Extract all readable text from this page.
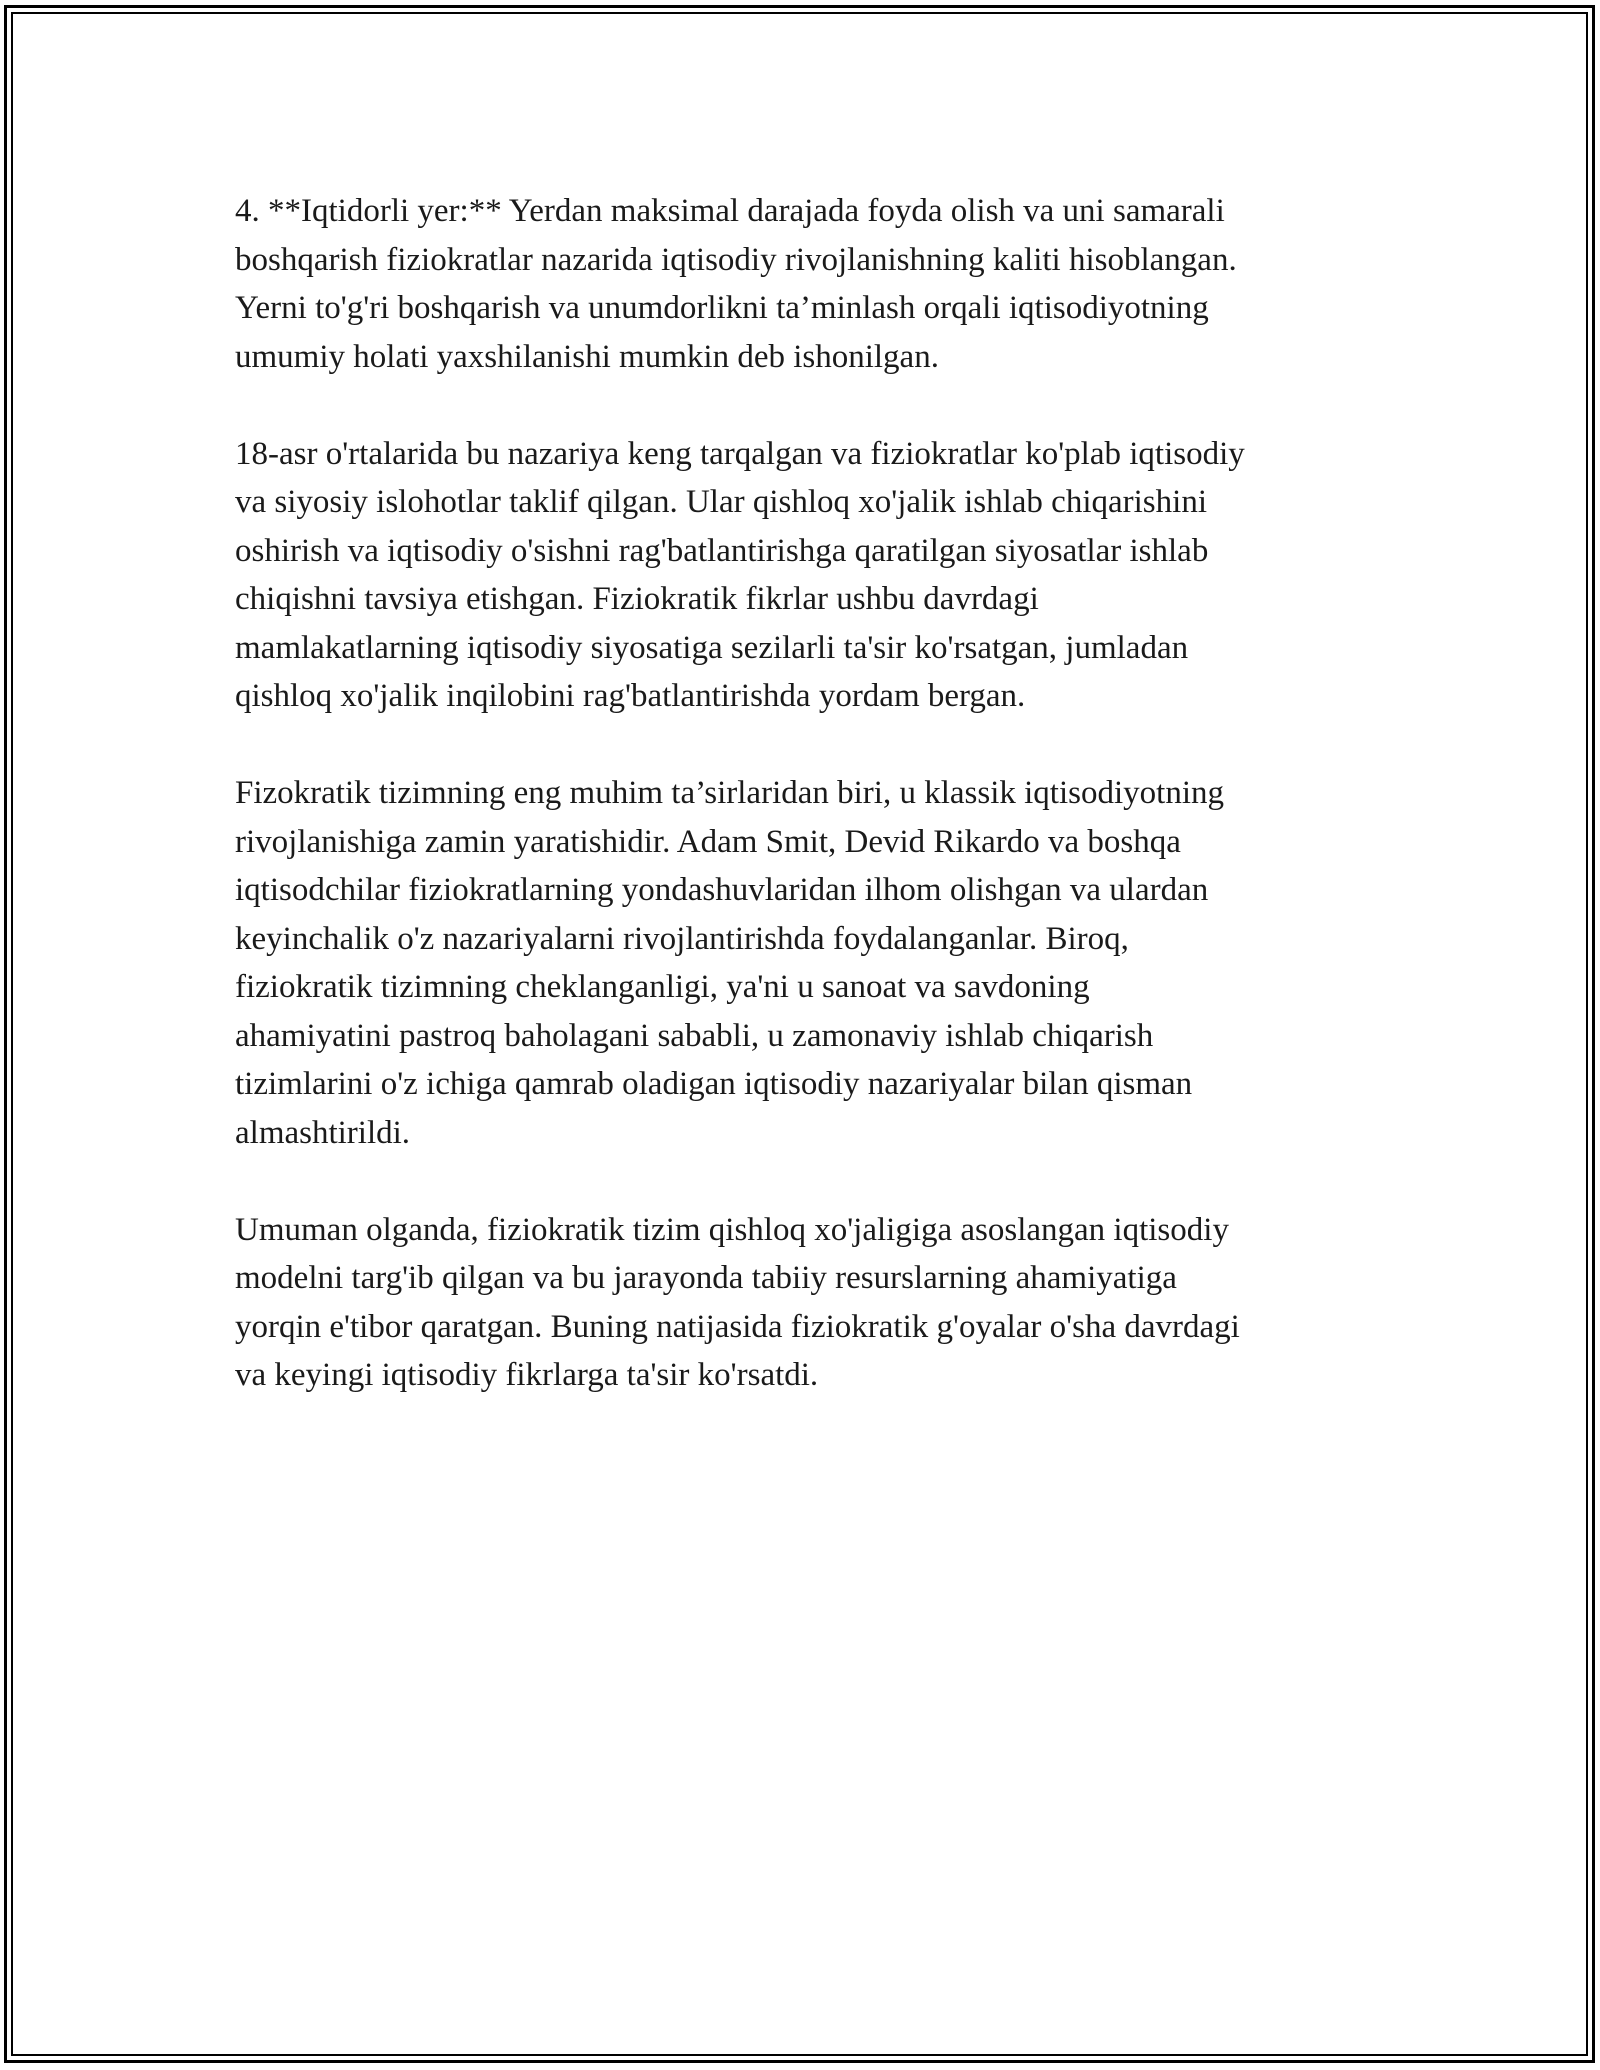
4. **Iqtidorli yer:** Yerdan maksimal darajada foyda olish va uni samarali
boshqarish fiziokratlar nazarida iqtisodiy rivojlanishning kaliti hisoblangan.
Yerni to'g'ri boshqarish va unumdorlikni ta’minlash orqali iqtisodiyotning
umumiy holati yaxshilanishi mumkin deb ishonilgan.

18-asr o'rtalarida bu nazariya keng tarqalgan va fiziokratlar ko'plab iqtisodiy
va siyosiy islohotlar taklif qilgan. Ular qishloq xo'jalik ishlab chiqarishini
oshirish va iqtisodiy o'sishni rag'batlantirishga qaratilgan siyosatlar ishlab
chiqishni tavsiya etishgan. Fiziokratik fikrlar ushbu davrdagi
mamlakatlarning iqtisodiy siyosatiga sezilarli ta'sir ko'rsatgan, jumladan
qishloq xo'jalik inqilobini rag'batlantirishda yordam bergan.

Fizokratik tizimning eng muhim ta’sirlaridan biri, u klassik iqtisodiyotning
rivojlanishiga zamin yaratishidir. Adam Smit, Devid Rikardo va boshqa
iqtisodchilar fiziokratlarning yondashuvlaridan ilhom olishgan va ulardan
keyinchalik o'z nazariyalarni rivojlantirishda foydalanganlar. Biroq,
fiziokratik tizimning cheklanganligi, ya'ni u sanoat va savdoning
ahamiyatini pastroq baholagani sababli, u zamonaviy ishlab chiqarish
tizimlarini o'z ichiga qamrab oladigan iqtisodiy nazariyalar bilan qisman
almashtirildi.

Umuman olganda, fiziokratik tizim qishloq xo'jaligiga asoslangan iqtisodiy
modelni targ'ib qilgan va bu jarayonda tabiiy resurslarning ahamiyatiga
yorqin e'tibor qaratgan. Buning natijasida fiziokratik g'oyalar o'sha davrdagi
va keyingi iqtisodiy fikrlarga ta'sir ko'rsatdi.
